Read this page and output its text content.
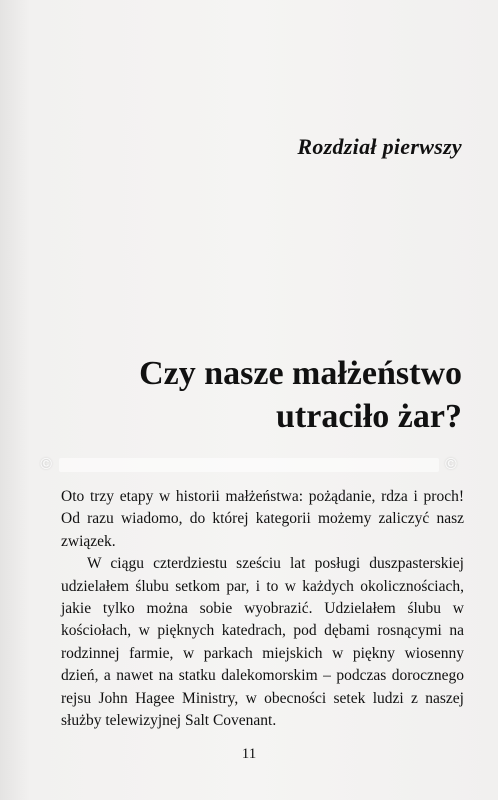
©	©
Rozdział pierwszy
Czy nasze małżeństwo
utraciło żar?

Oto trzy etapy w historii małżeństwa: pożądanie, rdza i proch! Od razu wiadomo, do której kategorii możemy zaliczyć nasz związek.

W ciągu czterdziestu sześciu lat posługi duszpasterskiej udzielałem ślubu setkom par, i to w każdych okolicznościach, jakie tylko można sobie wyobrazić. Udzielałem ślubu w kościołach, w pięknych katedrach, pod dębami rosnącymi na rodzinnej farmie, w parkach miejskich w piękny wiosenny dzień, a nawet na statku dalekomorskim – podczas dorocznego rejsu John Hagee Ministry, w obecności setek ludzi z naszej służby telewizyjnej Salt Covenant.

11
